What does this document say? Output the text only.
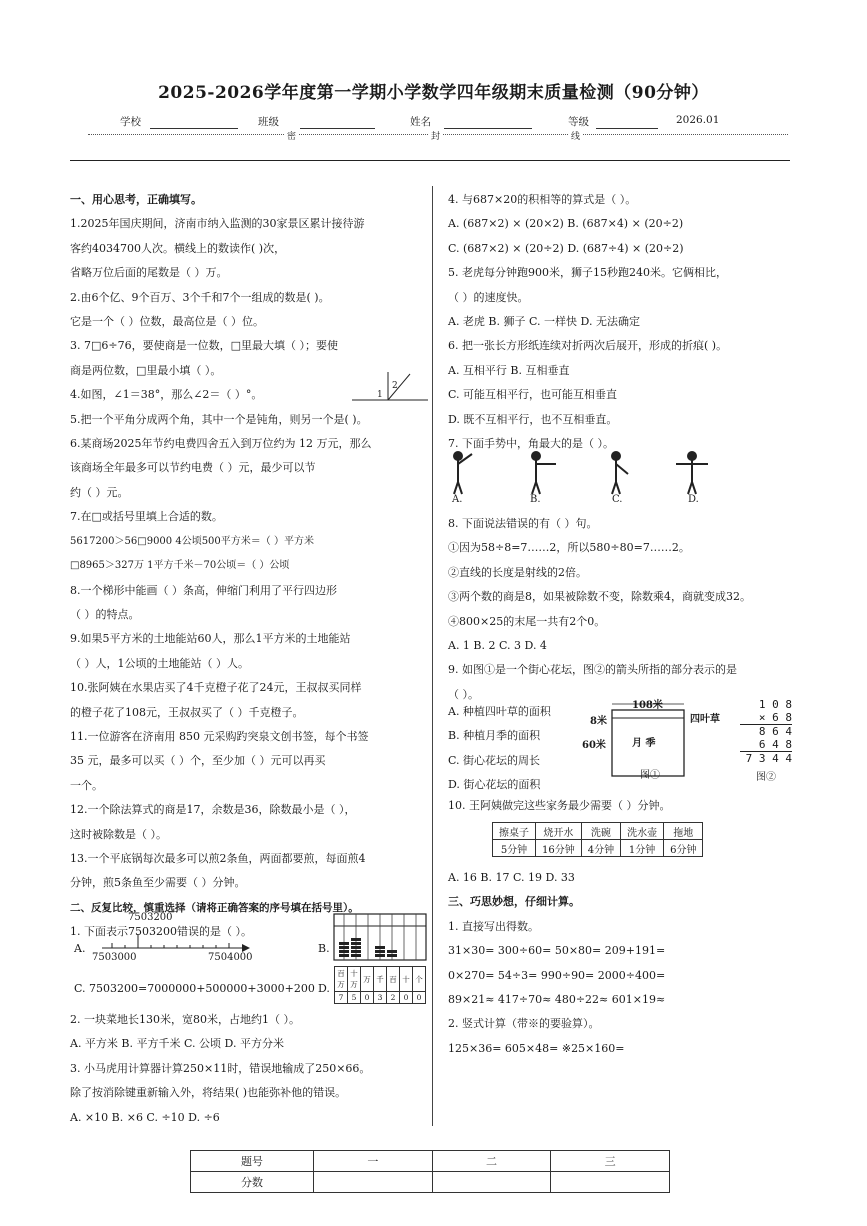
2025-2026学年度第一学期小学数学四年级期末质量检测（90分钟）
学校	班级	姓名	等级	2026.01
密	封	线

一、用心思考，正确填写。

1.2025年国庆期间，济南市纳入监测的30家景区累计接待游

客约4034700人次。横线上的数读作( )次，

省略万位后面的尾数是（ ）万。

2.由6个亿、9个百万、3个千和7个一组成的数是( )。

它是一个（ ）位数，最高位是（ ）位。

3. 7□6÷76，要使商是一位数，□里最大填（ ）；要使

商是两位数，□里最小填（ ）。

4.如图，∠1＝38°，那么∠2＝（ ）°。

5.把一个平角分成两个角，其中一个是钝角，则另一个是( )。

6.某商场2025年节约电费四舍五入到万位约为 12 万元，那么

该商场全年最多可以节约电费（ ）元，最少可以节

约（ ）元。

7.在□或括号里填上合适的数。

5617200＞56□9000 4公顷500平方米＝（ ）平方米

□8965＞327万 1平方千米－70公顷＝（ ）公顷

8.一个梯形中能画（ ）条高，伸缩门利用了平行四边形

（ ）的特点。

9.如果5平方米的土地能站60人，那么1平方米的土地能站

（ ）人，1公顷的土地能站（ ）人。

10.张阿姨在水果店买了4千克橙子花了24元，王叔叔买同样

的橙子花了108元，王叔叔买了（ ）千克橙子。

11.一位游客在济南用 850 元采购趵突泉文创书签，每个书签

35 元，最多可以买（ ）个，至少加（ ）元可以再买

一个。

12.一个除法算式的商是17，余数是36，除数最小是（ ），

这时被除数是（ ）。

13.一个平底锅每次最多可以煎2条鱼，两面都要煎，每面煎4

分钟，煎5条鱼至少需要（ ）分钟。

二、反复比较，慎重选择（请将正确答案的序号填在括号里）。

1. 下面表示7503200错误的是（ ）。

1
2
A.
7503200
7503000	7504000
B.
C. 7503200=7000000+500000+3000+200 D.
百万	十万	万	千	百	十	个
7	5	0	3	2	0	0

2. 一块菜地长130米，宽80米，占地约1（ ）。

A. 平方米 B. 平方千米 C. 公顷 D. 平方分米

3. 小马虎用计算器计算250×11时，错误地输成了250×66。

除了按消除键重新输入外，将结果( )也能弥补他的错误。

A. ×10 B. ×6 C. ÷10 D. ÷6

4. 与687×20的积相等的算式是（ ）。

A. (687×2) × (20×2) B. (687×4) × (20÷2)

C. (687×2) × (20÷2) D. (687÷4) × (20÷2)

5. 老虎每分钟跑900米，狮子15秒跑240米。它俩相比，

（ ）的速度快。

A. 老虎 B. 狮子 C. 一样快 D. 无法确定

6. 把一张长方形纸连续对折两次后展开，形成的折痕( )。

A. 互相平行 B. 互相垂直

C. 可能互相平行，也可能互相垂直

D. 既不互相平行，也不互相垂直。

7. 下面手势中，角最大的是（ ）。

A.	B.	C.	D.

8. 下面说法错误的有（ ）句。

①因为58÷8=7……2，所以580÷80=7……2。

②直线的长度是射线的2倍。

③两个数的商是8，如果被除数不变，除数乘4，商就变成32。

④800×25的末尾一共有2个0。

A. 1 B. 2 C. 3 D. 4

9. 如图①是一个街心花坛，图②的箭头所指的部分表示的是

（ ）。

A. 种植四叶草的面积

B. 种植月季的面积

C. 街心花坛的周长

D. 街心花坛的面积

108米
8米
60米
四叶草
月 季
图①
1 0 8
× 6 8
8 6 4
6 4 8
7 3 4 4
图②
10. 王阿姨做完这些家务最少需要（ ）分钟。
擦桌子	烧开水	洗碗	洗水壶	拖地
5分钟	16分钟	4分钟	1分钟	6分钟

A. 16 B. 17 C. 19 D. 33

三、巧思妙想，仔细计算。

1. 直接写出得数。

31×30= 300÷60= 50×80= 209+191=

0×270= 54÷3= 990÷90= 2000÷400=

89×21≈ 417÷70≈ 480÷22≈ 601×19≈

2. 竖式计算（带※的要验算）。

125×36= 605×48= ※25×160=

题号	一	二	三
分数			
